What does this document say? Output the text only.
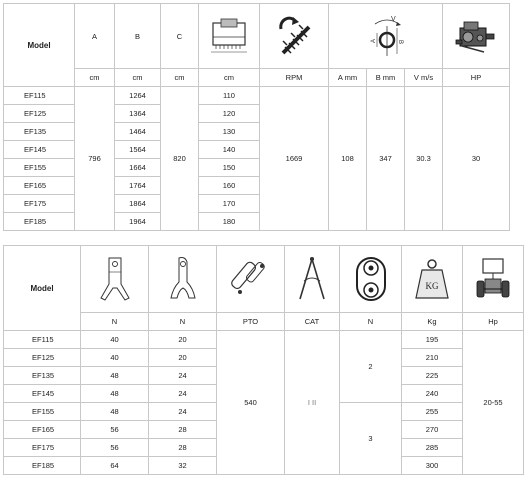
Model	A	B	C			V
A B

	cm	cm	cm	cm	RPM	A mm	B mm	V m/s	HP
EF115	796	1264	820	110	1669	108	347	30.3	30
EF125		1364		120					
EF135		1464		130					
EF145		1564		140					
EF155		1664		150					
EF165		1764		160					
EF175		1864		170					
EF185		1964		180					
Model						KG

	N	N	PTO	CAT	N	Kg	Hp
EF115	40	20	540	I II	2	195	20-55
EF125	40	20				210	
EF135	48	24				225	
EF145	48	24				240	
EF155	48	24			3	255	
EF165	56	28				270	
EF175	56	28				285	
EF185	64	32				300	
